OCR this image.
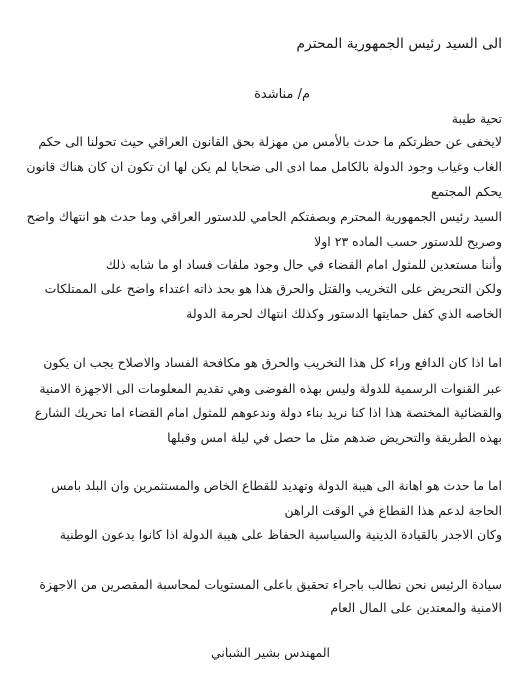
الى السيد رئيس الجمهورية المحترم
م/ مناشدة
تحية طيبة
لايخفى عن حظرتكم ما حدث بالأمس من مهزلة بحق القانون العراقي حيث تحولنا الى حكم
الغاب وغياب وجود الدولة بالكامل مما ادى الى ضحايا لم يكن لها ان تكون ان كان هناك قانون
يحكم المجتمع
السيد رئيس الجمهورية المحترم وبصفتكم الحامي للدستور العراقي وما حدث هو انتهاك واضح
وصريح للدستور حسب الماده ٢٣ اولا
وأننا مستعدين للمثول امام القضاء في حال وجود ملفات فساد او ما شابه ذلك
ولكن التحريض على التخريب والقتل والحرق هذا هو بحد ذاته اعتداء واضح على الممتلكات
الخاصه الذي كفل حمايتها الدستور وكذلك انتهاك لحرمة الدولة
اما اذا كان الدافع وراء كل هذا التخريب والحرق هو مكافحة الفساد والاصلاح يجب ان يكون
عبر القنوات الرسمية للدولة وليس بهذه الفوضى وهي تقديم المعلومات الى الاجهزة الامنية
والقضائية المختصة هذا اذا كنا نريد بناء دولة وندعوهم للمثول امام القضاء اما تحريك الشارع
بهذه الطريقة والتحريض ضدهم مثل ما حصل في ليلة امس وقبلها
اما ما حدث هو اهانة الى هيبة الدولة وتهديد للقطاع الخاص والمستثمرين وان البلد بامس
الحاجة لدعم هذا القطاع في الوقت الراهن
وكان الاجدر بالقيادة الدينية والسياسية الحفاظ على هيبة الدولة اذا كانوا يدعون الوطنية
سيادة الرئيس نحن نطالب باجراء تحقيق باعلى المستويات لمحاسبة المقصرين من الاجهزة
الامنية والمعتدين على المال العام
المهندس بشير الشباني
